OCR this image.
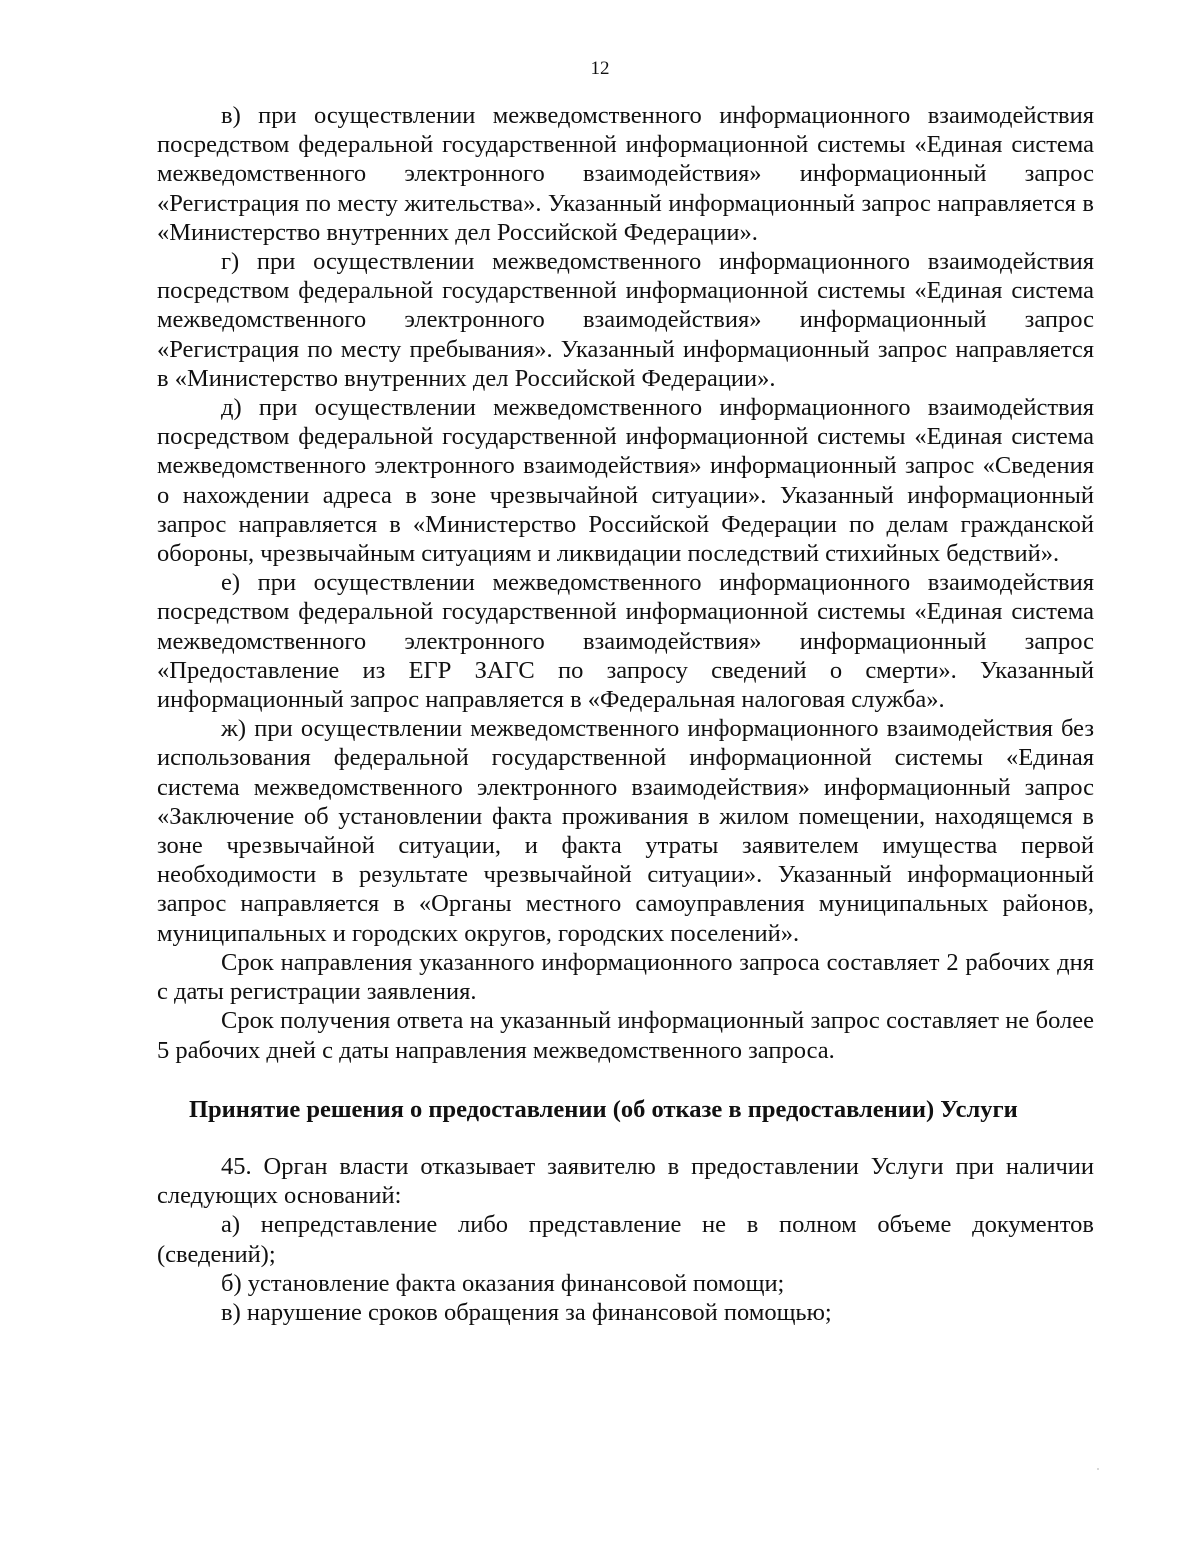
12

в) при осуществлении межведомственного информационного взаимодействия посредством федеральной государственной информационной системы «Единая система межведомственного электронного взаимодействия» информационный запрос «Регистрация по месту жительства». Указанный информационный запрос направляется в «Министерство внутренних дел Российской Федерации».

г) при осуществлении межведомственного информационного взаимодействия посредством федеральной государственной информационной системы «Единая система межведомственного электронного взаимодействия» информационный запрос «Регистрация по месту пребывания». Указанный информационный запрос направляется в «Министерство внутренних дел Российской Федерации».

д) при осуществлении межведомственного информационного взаимодействия посредством федеральной государственной информационной системы «Единая система межведомственного электронного взаимодействия» информационный запрос «Сведения о нахождении адреса в зоне чрезвычайной ситуации». Указанный информационный запрос направляется в «Министерство Российской Федерации по делам гражданской обороны, чрезвычайным ситуациям и ликвидации последствий стихийных бедствий».

е) при осуществлении межведомственного информационного взаимодействия посредством федеральной государственной информационной системы «Единая система межведомственного электронного взаимодействия» информационный запрос «Предоставление из ЕГР ЗАГС по запросу сведений о смерти». Указанный информационный запрос направляется в «Федеральная налоговая служба».

ж) при осуществлении межведомственного информационного взаимодействия без использования федеральной государственной информационной системы «Единая система межведомственного электронного взаимодействия» информационный запрос «Заключение об установлении факта проживания в жилом помещении, находящемся в зоне чрезвычайной ситуации, и факта утраты заявителем имущества первой необходимости в результате чрезвычайной ситуации». Указанный информационный запрос направляется в «Органы местного самоуправления муниципальных районов, муниципальных и городских округов, городских поселений».

Срок направления указанного информационного запроса составляет 2 рабочих дня с даты регистрации заявления.

Срок получения ответа на указанный информационный запрос составляет не более 5 рабочих дней с даты направления межведомственного запроса.

Принятие решения о предоставлении (об отказе в предоставлении) Услуги

45. Орган власти отказывает заявителю в предоставлении Услуги при наличии следующих оснований:

а) непредставление либо представление не в полном объеме документов (сведений);

б) установление факта оказания финансовой помощи;

в) нарушение сроков обращения за финансовой помощью;
